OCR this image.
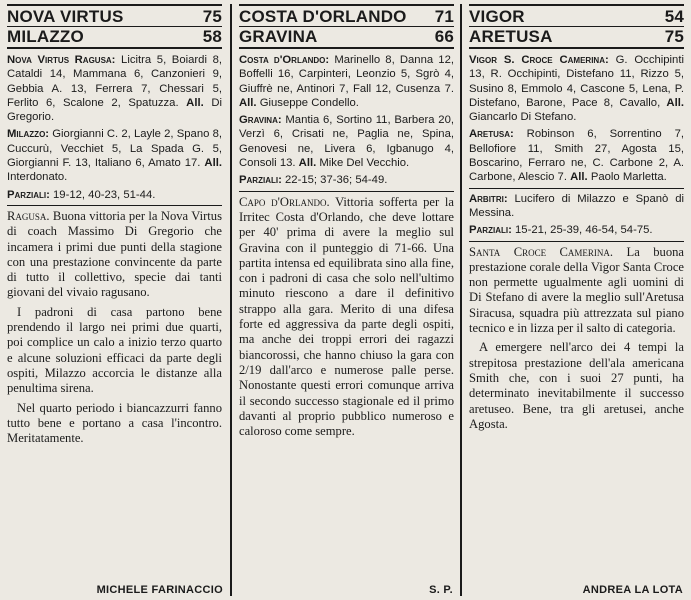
NOVA VIRTUS	75
MILAZZO	58

Nova Virtus Ragusa: Licitra 5, Boiardi 8, Cataldi 14, Mammana 6, Canzonieri 9, Gebbia A. 13, Ferrera 7, Chessari 5, Ferlito 6, Scalone 2, Spatuzza. All. Di Gregorio.

Milazzo: Giorgianni C. 2, Layle 2, Spano 8, Cuccurù, Vecchiet 5, La Spada G. 5, Giorgianni F. 13, Italiano 6, Amato 17. All. Interdonato.

Parziali: 19-12, 40-23, 51-44.

Ragusa. Buona vittoria per la Nova Virtus di coach Massimo Di Gregorio che incamera i primi due punti della stagione con una prestazione convincente da parte di tutto il collettivo, specie dai tanti giovani del vivaio ragusano.

I padroni di casa partono bene prendendo il largo nei primi due quarti, poi complice un calo a inizio terzo quarto e alcune soluzioni efficaci da parte degli ospiti, Milazzo accorcia le distanze alla penultima sirena.

Nel quarto periodo i biancazzurri fanno tutto bene e portano a casa l'incontro. Meritatamente.

MICHELE FARINACCIO
COSTA D'ORLANDO 71
GRAVINA	66

Costa d'Orlando: Marinello 8, Danna 12, Boffelli 16, Carpinteri, Leonzio 5, Sgrò 4, Giuffrè ne, Antinori 7, Fall 12, Cusenza 7. All. Giuseppe Condello.

Gravina: Mantia 6, Sortino 11, Barbera 20, Verzì 6, Crisati ne, Paglia ne, Spina, Genovesi ne, Livera 6, Igbanugo 4, Consoli 13. All. Mike Del Vecchio.

Parziali: 22-15; 37-36; 54-49.

Capo d'Orlando. Vittoria sofferta per la Irritec Costa d'Orlando, che deve lottare per 40' prima di avere la meglio sul Gravina con il punteggio di 71-66. Una partita intensa ed equilibrata sino alla fine, con i padroni di casa che solo nell'ultimo minuto riescono a dare il definitivo strappo alla gara. Merito di una difesa forte ed aggressiva da parte degli ospiti, ma anche dei troppi errori dei ragazzi biancorossi, che hanno chiuso la gara con 2/19 dall'arco e numerose palle perse. Nonostante questi errori comunque arriva il secondo successo stagionale ed il primo davanti al proprio pubblico numeroso e caloroso come sempre.

S. P.
VIGOR	54
ARETUSA	75

Vigor S. Croce Camerina: G. Occhipinti 13, R. Occhipinti, Distefano 11, Rizzo 5, Susino 8, Emmolo 4, Cascone 5, Lena, P. Distefano, Barone, Pace 8, Cavallo, All. Giancarlo Di Stefano.

Aretusa: Robinson 6, Sorrentino 7, Bellofiore 11, Smith 27, Agosta 15, Boscarino, Ferraro ne, C. Carbone 2, A. Carbone, Alescio 7. All. Paolo Marletta.

Arbitri: Lucifero di Milazzo e Spanò di Messina.

Parziali: 15-21, 25-39, 46-54, 54-75.

Santa Croce Camerina. La buona prestazione corale della Vigor Santa Croce non permette ugualmente agli uomini di Di Stefano di avere la meglio sull'Aretusa Siracusa, squadra più attrezzata sul piano tecnico e in lizza per il salto di categoria.

A emergere nell'arco dei 4 tempi la strepitosa prestazione dell'ala americana Smith che, con i suoi 27 punti, ha determinato inevitabilmente il successo aretuseo. Bene, tra gli aretusei, anche Agosta.

ANDREA LA LOTA
